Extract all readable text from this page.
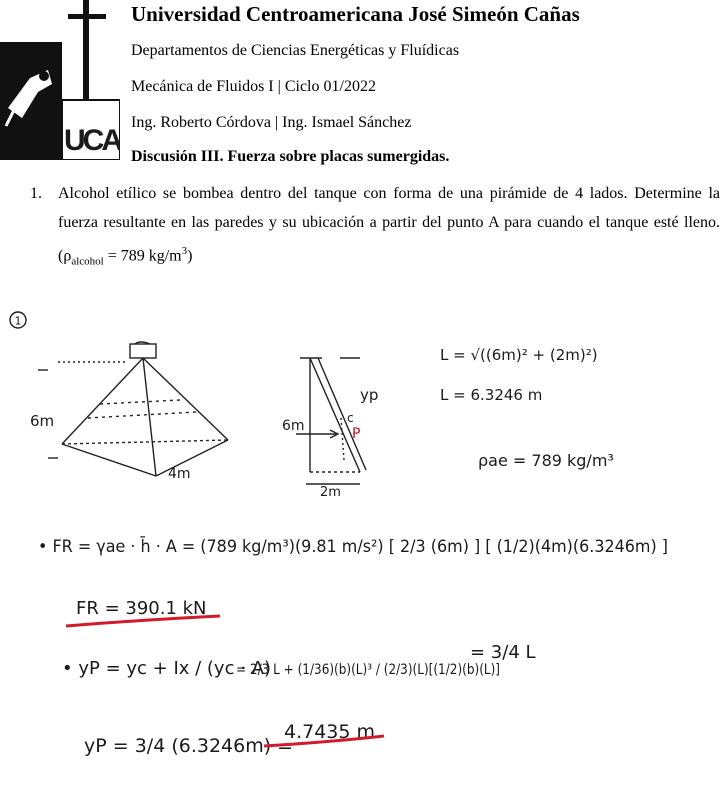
UCA
Universidad Centroamericana José Simeón Cañas
Departamentos de Ciencias Energéticas y Fluídicas
Mecánica de Fluidos I | Ciclo 01/2022
Ing. Roberto Córdova | Ing. Ismael Sánchez
Discusión III. Fuerza sobre placas sumergidas.
1. Alcohol etílico se bombea dentro del tanque con forma de una pirámide de 4 lados. Determine la fuerza resultante en las paredes y su ubicación a partir del punto A para cuando el tanque esté lleno. ($\rho_{alcohol} = 789$ $kg/m^3$)
1
6m
4m
6m
2m
yp
c
P
L = √((6m)² + (2m)²)
L = 6.3246 m
ρae = 789 kg/m³
• FR = γae · h̄ · A = (789 kg/m³)(9.81 m/s²) [ 2/3 (6m) ] [ (1/2)(4m)(6.3246m) ]
FR = 390.1 kN
• yP = yc + Ix / (yc · A)
= 2/3 L + (1/36)(b)(L)³ / (2/3)(L)[(1/2)(b)(L)]
= 3/4 L
yP = 3/4 (6.3246m) =
4.7435 m
